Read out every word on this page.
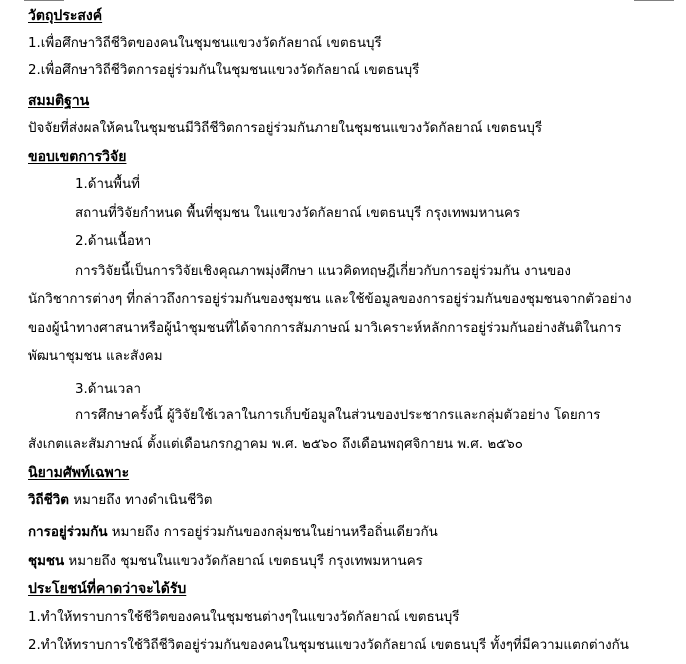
วัตถุประสงค์
1.เพื่อศึกษาวิถีชีวิตของคนในชุมชนแขวงวัดกัลยาณ์ เขตธนบุรี
2.เพื่อศึกษาวิถีชีวิตการอยู่ร่วมกันในชุมชนแขวงวัดกัลยาณ์ เขตธนบุรี
สมมติฐาน
ปัจจัยที่ส่งผลให้คนในชุมชนมีวิถีชีวิตการอยู่ร่วมกันภายในชุมชนแขวงวัดกัลยาณ์ เขตธนบุรี
ขอบเขตการวิจัย
1.ด้านพื้นที่
สถานที่วิจัยกำหนด พื้นที่ชุมชน ในแขวงวัดกัลยาณ์ เขตธนบุรี กรุงเทพมหานคร
2.ด้านเนื้อหา
การวิจัยนี้เป็นการวิจัยเชิงคุณภาพมุ่งศึกษา แนวคิดทฤษฎีเกี่ยวกับการอยู่ร่วมกัน งานของ
นักวิชาการต่างๆ ที่กล่าวถึงการอยู่ร่วมกันของชุมชน และใช้ข้อมูลของการอยู่ร่วมกันของชุมชนจากตัวอย่าง
ของผู้นำทางศาสนาหรือผู้นำชุมชนที่ได้จากการสัมภาษณ์ มาวิเคราะห์หลักการอยู่ร่วมกันอย่างสันติในการ
พัฒนาชุมชน และสังคม
3.ด้านเวลา
การศึกษาครั้งนี้ ผู้วิจัยใช้เวลาในการเก็บข้อมูลในส่วนของประชากรและกลุ่มตัวอย่าง โดยการ
สังเกตและสัมภาษณ์ ตั้งแต่เดือนกรกฎาคม พ.ศ. ๒๕๖๐ ถึงเดือนพฤศจิกายน พ.ศ. ๒๕๖๐
นิยามศัพท์เฉพาะ
วิถีชีวิต หมายถึง ทางดำเนินชีวิต
การอยู่ร่วมกัน หมายถึง การอยู่ร่วมกันของกลุ่มชนในย่านหรือถิ่นเดียวกัน
ชุมชน หมายถึง ชุมชนในแขวงวัดกัลยาณ์ เขตธนบุรี กรุงเทพมหานคร
ประโยชน์ที่คาดว่าจะได้รับ
1.ทำให้ทราบการใช้ชีวิตของคนในชุมชนต่างๆในแขวงวัดกัลยาณ์ เขตธนบุรี
2.ทำให้ทราบการใช้วิถีชีวิตอยู่ร่วมกันของคนในชุมชนแขวงวัดกัลยาณ์ เขตธนบุรี ทั้งๆที่มีความแตกต่างกัน
